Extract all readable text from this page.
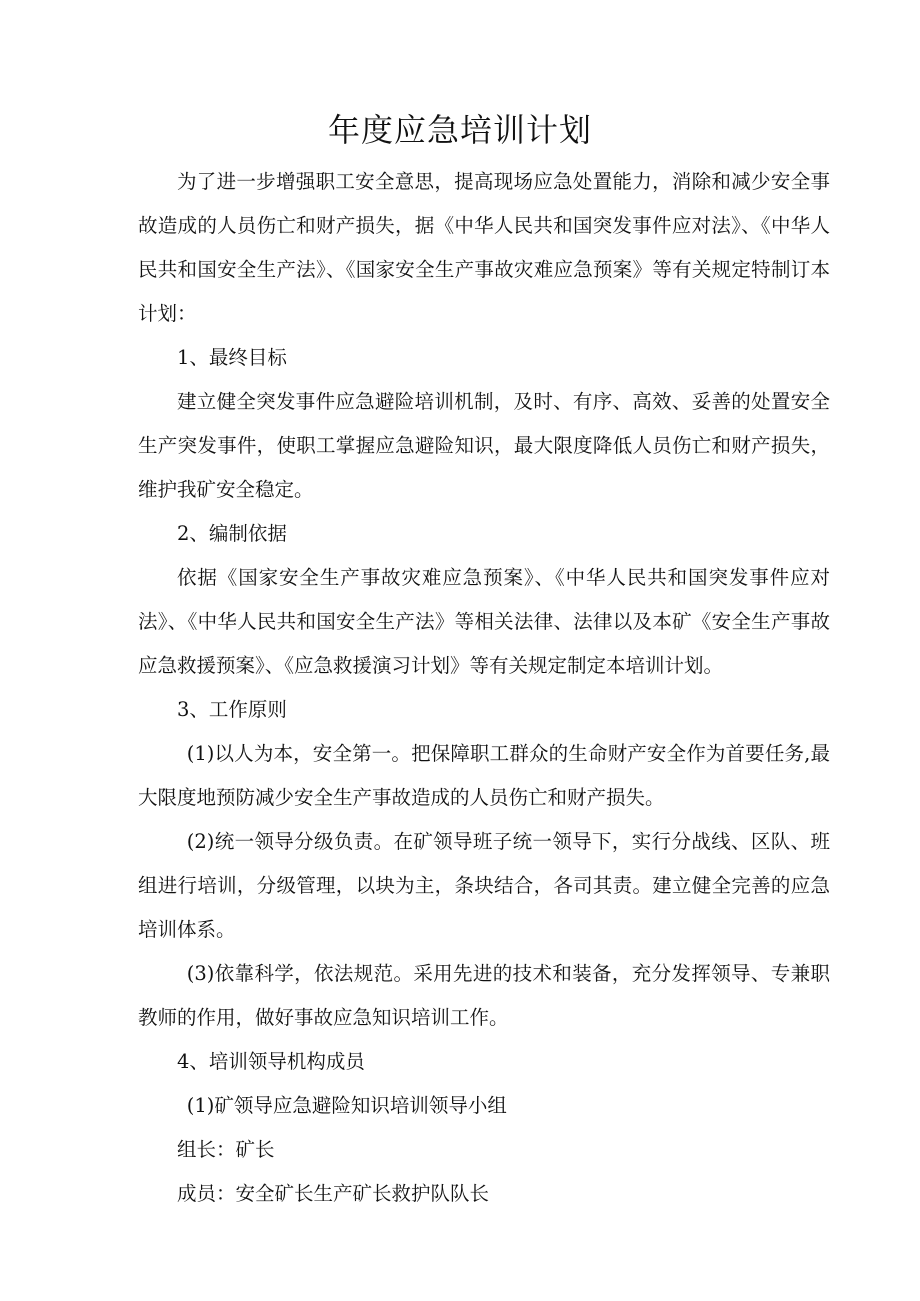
年度应急培训计划

为了进一步增强职工安全意思，提高现场应急处置能力，消除和减少安全事故造成的人员伤亡和财产损失，据《中华人民共和国突发事件应对法》、《中华人民共和国安全生产法》、《国家安全生产事故灾难应急预案》等有关规定特制订本计划：

1、最终目标

建立健全突发事件应急避险培训机制，及时、有序、高效、妥善的处置安全生产突发事件，使职工掌握应急避险知识，最大限度降低人员伤亡和财产损失，维护我矿安全稳定。

2、编制依据

依据《国家安全生产事故灾难应急预案》、《中华人民共和国突发事件应对法》、《中华人民共和国安全生产法》等相关法律、法律以及本矿《安全生产事故应急救援预案》、《应急救援演习计划》等有关规定制定本培训计划。

3、工作原则

(1)以人为本，安全第一。把保障职工群众的生命财产安全作为首要任务,最大限度地预防减少安全生产事故造成的人员伤亡和财产损失。

(2)统一领导分级负责。在矿领导班子统一领导下，实行分战线、区队、班组进行培训，分级管理，以块为主，条块结合，各司其责。建立健全完善的应急培训体系。

(3)依靠科学，依法规范。采用先进的技术和装备，充分发挥领导、专兼职教师的作用，做好事故应急知识培训工作。

4、培训领导机构成员

(1)矿领导应急避险知识培训领导小组

组长：矿长

成员：安全矿长生产矿长救护队队长
